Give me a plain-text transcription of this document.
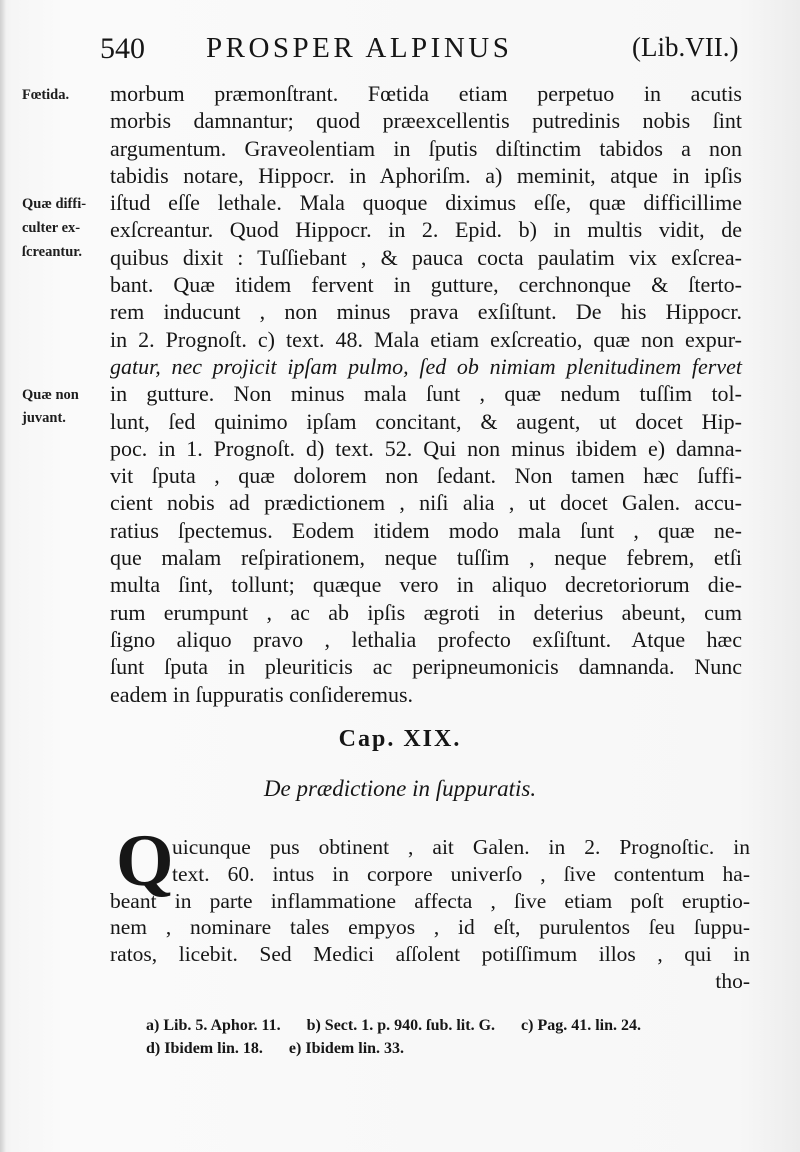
540 PROSPER ALPINUS	(Lib.VII.)
Fœtida.
Quæ diffi-
culter ex-
ſcreantur.
Quæ non
juvant.
morbum præmonſtrant. Fœtida etiam perpetuo in acutis
morbis damnantur; quod præexcellentis putredinis nobis ſint
argumentum. Graveolentiam in ſputis diſtinctim tabidos a non
tabidis notare, Hippocr. in Aphoriſm. a) meminit, atque in ipſis
iſtud eſſe lethale. Mala quoque diximus eſſe, quæ difficillime
exſcreantur. Quod Hippocr. in 2. Epid. b) in multis vidit, de
quibus dixit : Tuſſiebant , & pauca cocta paulatim vix exſcrea-
bant. Quæ itidem fervent in gutture, cerchnonque & ſterto-
rem inducunt , non minus prava exſiſtunt. De his Hippocr.
in 2. Prognoſt. c) text. 48. Mala etiam exſcreatio, quæ non expur-
gatur, nec projicit ipſam pulmo, ſed ob nimiam plenitudinem fervet
in gutture. Non minus mala ſunt , quæ nedum tuſſim tol-
lunt, ſed quinimo ipſam concitant, & augent, ut docet Hip-
poc. in 1. Prognoſt. d) text. 52. Qui non minus ibidem e) damna-
vit ſputa , quæ dolorem non ſedant. Non tamen hæc ſuffi-
cient nobis ad prædictionem , niſi alia , ut docet Galen. accu-
ratius ſpectemus. Eodem itidem modo mala ſunt , quæ ne-
que malam reſpirationem, neque tuſſim , neque febrem, etſi
multa ſint, tollunt; quæque vero in aliquo decretoriorum die-
rum erumpunt , ac ab ipſis ægroti in deterius abeunt, cum
ſigno aliquo pravo , lethalia profecto exſiſtunt. Atque hæc
ſunt ſputa in pleuriticis ac peripneumonicis damnanda. Nunc
eadem in ſuppuratis conſideremus.
Cap. XIX.
De prædictione in ſuppuratis.
Q
uicunque pus obtinent , ait Galen. in 2. Prognoſtic. in
text. 60. intus in corpore univerſo , ſive contentum ha-
beant in parte inflammatione affecta , ſive etiam poſt eruptio-
nem , nominare tales empyos , id eſt, purulentos ſeu ſuppu-
ratos, licebit. Sed Medici aſſolent potiſſimum illos , qui in
tho-
a) Lib. 5. Aphor. 11. b) Sect. 1. p. 940. ſub. lit. G. c) Pag. 41. lin. 24.
d) Ibidem lin. 18. e) Ibidem lin. 33.
